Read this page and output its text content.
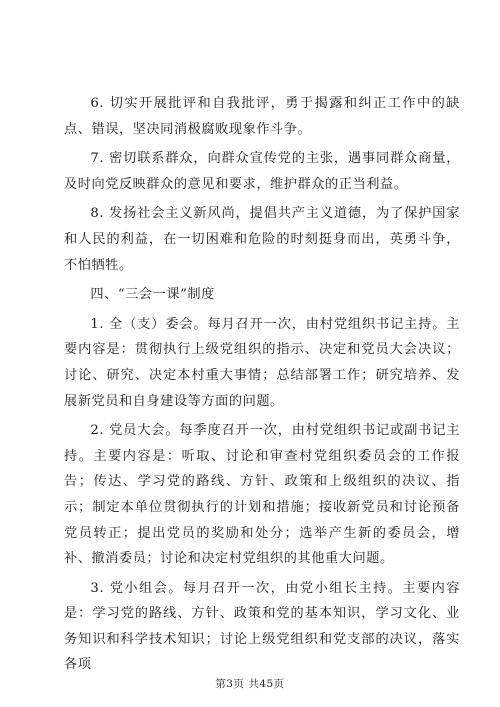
6. 切实开展批评和自我批评，勇于揭露和纠正工作中的缺点、错误，坚决同消极腐败现象作斗争。

7. 密切联系群众，向群众宣传党的主张，遇事同群众商量，及时向党反映群众的意见和要求，维护群众的正当利益。

8. 发扬社会主义新风尚，提倡共产主义道德，为了保护国家和人民的利益，在一切困难和危险的时刻挺身而出，英勇斗争，不怕牺牲。

四、“三会一课”制度

1. 全（支）委会。每月召开一次，由村党组织书记主持。主要内容是：贯彻执行上级党组织的指示、决定和党员大会决议；讨论、研究、决定本村重大事情；总结部署工作；研究培养、发展新党员和自身建设等方面的问题。

2. 党员大会。每季度召开一次，由村党组织书记或副书记主持。主要内容是：听取、讨论和审查村党组织委员会的工作报告；传达、学习党的路线、方针、政策和上级组织的决议、指示；制定本单位贯彻执行的计划和措施；接收新党员和讨论预备党员转正；提出党员的奖励和处分；选举产生新的委员会，增补、撤消委员；讨论和决定村党组织的其他重大问题。

3. 党小组会。每月召开一次，由党小组长主持。主要内容是：学习党的路线、方针、政策和党的基本知识，学习文化、业务知识和科学技术知识；讨论上级党组织和党支部的决议，落实各项

第3页 共45页
